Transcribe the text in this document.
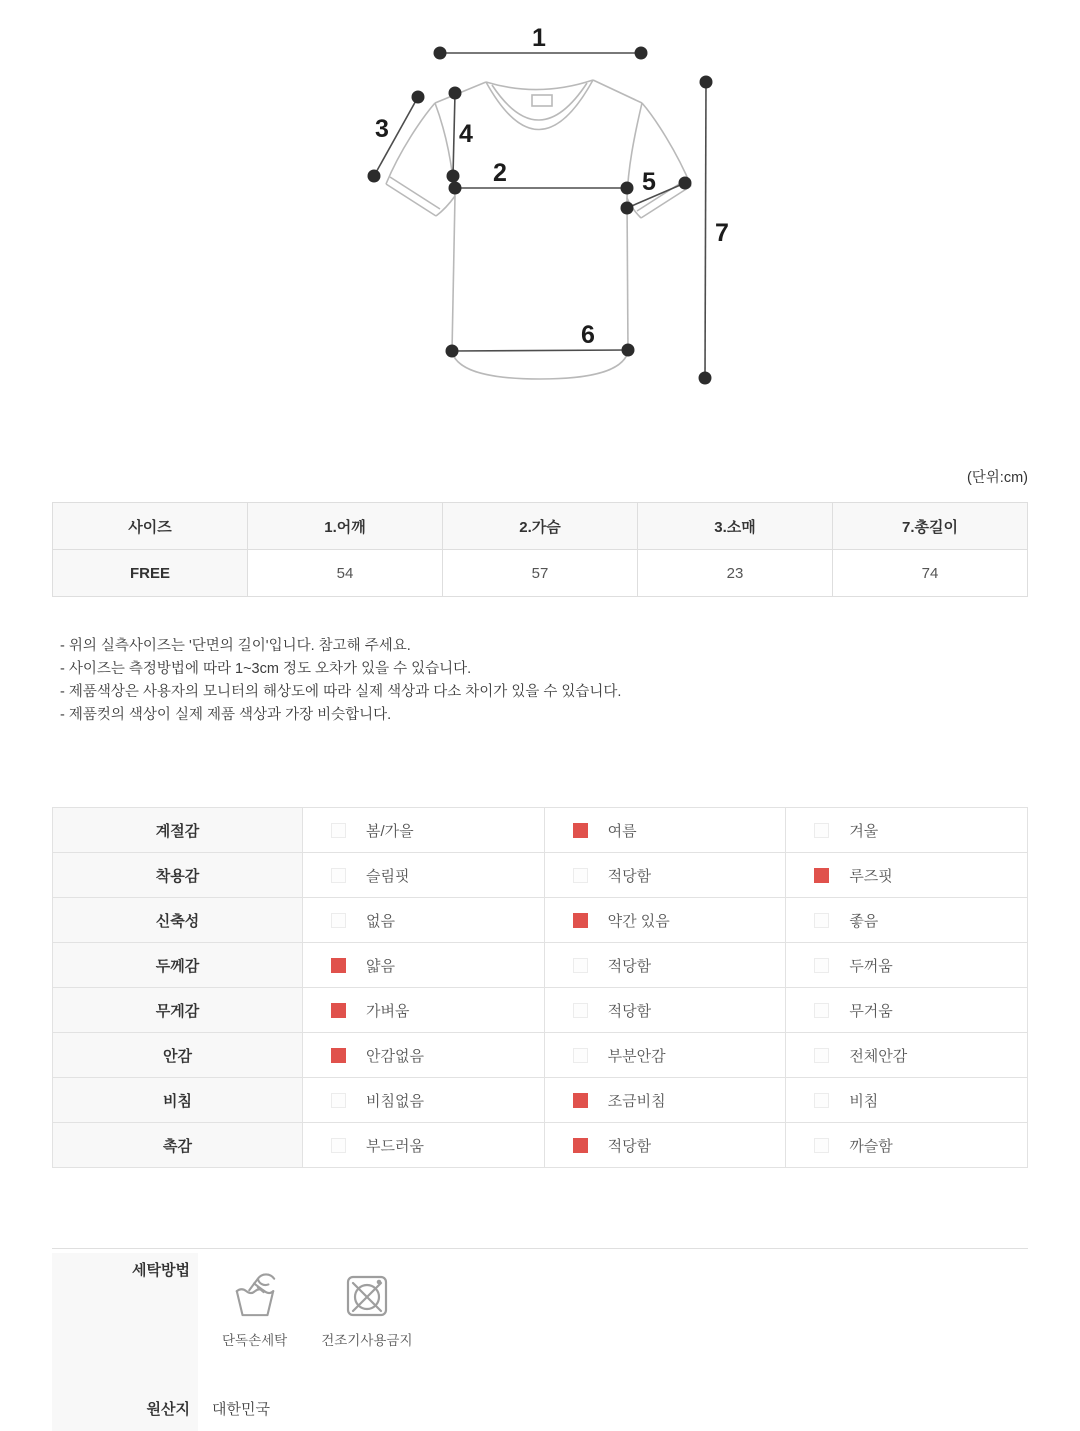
1
2
3	4
5
6
7
(단위:cm)
사이즈	1.어깨	2.가슴	3.소매	7.총길이
FREE	54	57	23	74
- 위의 실측사이즈는 '단면의 길이'입니다. 참고해 주세요.
- 사이즈는 측정방법에 따라 1~3cm 정도 오차가 있을 수 있습니다.
- 제품색상은 사용자의 모니터의 해상도에 따라 실제 색상과 다소 차이가 있을 수 있습니다.
- 제품컷의 색상이 실제 제품 색상과 가장 비슷합니다.
계절감	봄/가을	여름	겨울
착용감	슬림핏	적당함	루즈핏
신축성	없음	약간 있음	좋음
두께감	얇음	적당함	두꺼움
무게감	가벼움	적당함	무거움
안감	안감없음	부분안감	전체안감
비침	비침없음	조금비침	비침
촉감	부드러움	적당함	까슬함
세탁방법
단독손세탁	건조기사용금지
원산지 대한민국
